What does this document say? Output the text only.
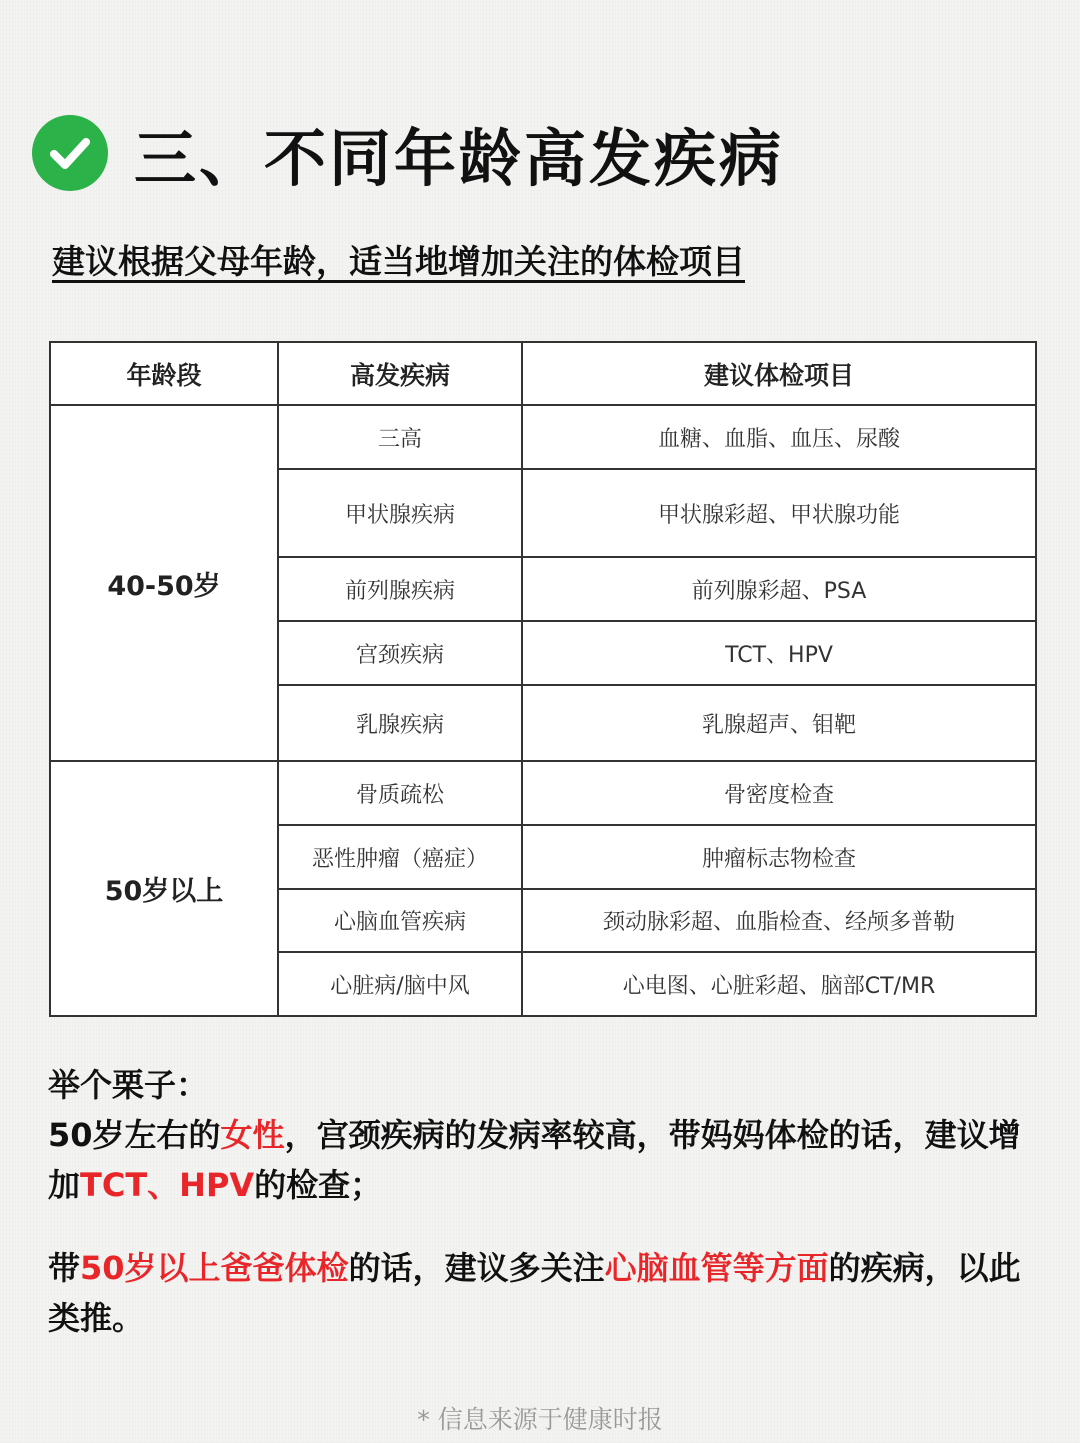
三、不同年龄高发疾病
建议根据父母年龄，适当地增加关注的体检项目
年龄段	高发疾病	建议体检项目
40-50岁	三高	血糖、血脂、血压、尿酸
	甲状腺疾病	甲状腺彩超、甲状腺功能
	前列腺疾病	前列腺彩超、PSA
	宫颈疾病	TCT、HPV
	乳腺疾病	乳腺超声、钼靶
50岁以上	骨质疏松	骨密度检查
	恶性肿瘤（癌症）	肿瘤标志物检查
	心脑血管疾病	颈动脉彩超、血脂检查、经颅多普勒
	心脏病/脑中风	心电图、心脏彩超、脑部CT/MR
举个栗子：
50岁左右的女性，宫颈疾病的发病率较高，带妈妈体检的话，建议增加TCT、HPV的检查；
带50岁以上爸爸体检的话，建议多关注心脑血管等方面的疾病，以此类推。
* 信息来源于健康时报
